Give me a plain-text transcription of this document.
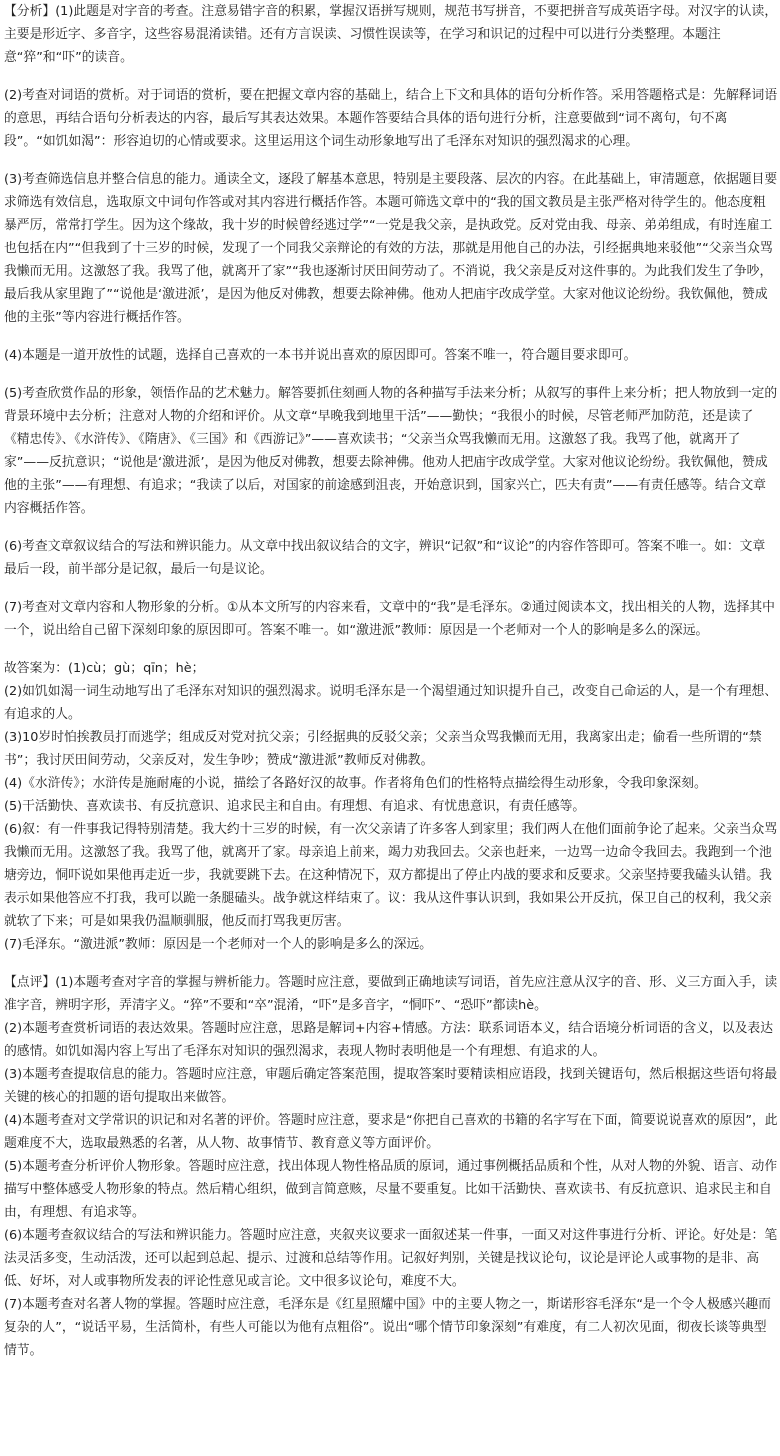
【分析】(1)此题是对字音的考查。注意易错字音的积累，掌握汉语拼写规则，规范书写拼音，不要把拼音写成英语字母。对汉字的认读，主要是形近字、多音字，这些容易混淆读错。还有方言误读、习惯性误读等，在学习和识记的过程中可以进行分类整理。本题注意“猝”和“吓”的读音。

(2)考查对词语的赏析。对于词语的赏析，要在把握文章内容的基础上，结合上下文和具体的语句分析作答。采用答题格式是：先解释词语的意思，再结合语句分析表达的内容，最后写其表达效果。本题作答要结合具体的语句进行分析，注意要做到“词不离句，句不离段”。“如饥如渴”：形容迫切的心情或要求。这里运用这个词生动形象地写出了毛泽东对知识的强烈渴求的心理。

(3)考查筛选信息并整合信息的能力。通读全文，逐段了解基本意思，特别是主要段落、层次的内容。在此基础上，审清题意，依据题目要求筛选有效信息，选取原文中词句作答或对其内容进行概括作答。本题可筛选文章中的“我的国文教员是主张严格对待学生的。他态度粗暴严厉，常常打学生。因为这个缘故，我十岁的时候曾经逃过学”“一党是我父亲，是执政党。反对党由我、母亲、弟弟组成，有时连雇工也包括在内”“但我到了十三岁的时候，发现了一个同我父亲辩论的有效的方法，那就是用他自己的办法，引经据典地来驳他”“父亲当众骂我懒而无用。这激怒了我。我骂了他，就离开了家”“我也逐渐讨厌田间劳动了。不消说，我父亲是反对这件事的。为此我们发生了争吵，最后我从家里跑了”“说他是‘激进派’，是因为他反对佛教，想要去除神佛。他劝人把庙宇改成学堂。大家对他议论纷纷。我钦佩他，赞成他的主张”等内容进行概括作答。

(4)本题是一道开放性的试题，选择自己喜欢的一本书并说出喜欢的原因即可。答案不唯一，符合题目要求即可。

(5)考查欣赏作品的形象，领悟作品的艺术魅力。解答要抓住刻画人物的各种描写手法来分析；从叙写的事件上来分析；把人物放到一定的背景环境中去分析；注意对人物的介绍和评价。从文章“早晚我到地里干活”——勤快；“我很小的时候，尽管老师严加防范，还是读了《精忠传》、《水浒传》、《隋唐》、《三国》和《西游记》”——喜欢读书；“父亲当众骂我懒而无用。这激怒了我。我骂了他，就离开了家”——反抗意识；“说他是‘激进派’，是因为他反对佛教，想要去除神佛。他劝人把庙宇改成学堂。大家对他议论纷纷。我钦佩他，赞成他的主张”——有理想、有追求；“我读了以后，对国家的前途感到沮丧，开始意识到，国家兴亡，匹夫有责”——有责任感等。结合文章内容概括作答。

(6)考查文章叙议结合的写法和辨识能力。从文章中找出叙议结合的文字，辨识“记叙”和“议论”的内容作答即可。答案不唯一。如：文章最后一段，前半部分是记叙，最后一句是议论。

(7)考查对文章内容和人物形象的分析。①从本文所写的内容来看，文章中的“我”是毛泽东。②通过阅读本文，找出相关的人物，选择其中一个，说出给自己留下深刻印象的原因即可。答案不唯一。如“激进派”教师：原因是一个老师对一个人的影响是多么的深远。

故答案为：(1)cù；gù；qīn；hè；

(2)如饥如渴一词生动地写出了毛泽东对知识的强烈渴求。说明毛泽东是一个渴望通过知识提升自己，改变自己命运的人，是一个有理想、有追求的人。

(3)10岁时怕挨教员打而逃学；组成反对党对抗父亲；引经据典的反驳父亲；父亲当众骂我懒而无用，我离家出走；偷看一些所谓的“禁书”；我讨厌田间劳动，父亲反对，发生争吵；赞成“激进派”教师反对佛教。

(4)《水浒传》；水浒传是施耐庵的小说，描绘了各路好汉的故事。作者将角色们的性格特点描绘得生动形象，令我印象深刻。

(5)干活勤快、喜欢读书、有反抗意识、追求民主和自由。有理想、有追求、有忧患意识，有责任感等。

(6)叙：有一件事我记得特别清楚。我大约十三岁的时候，有一次父亲请了许多客人到家里；我们两人在他们面前争论了起来。父亲当众骂我懒而无用。这激怒了我。我骂了他，就离开了家。母亲追上前来，竭力劝我回去。父亲也赶来，一边骂一边命令我回去。我跑到一个池塘旁边，恫吓说如果他再走近一步，我就要跳下去。在这种情况下，双方都提出了停止内战的要求和反要求。父亲坚持要我磕头认错。我表示如果他答应不打我，我可以跪一条腿磕头。战争就这样结束了。议：我从这件事认识到，我如果公开反抗，保卫自己的权利，我父亲就软了下来；可是如果我仍温顺驯服，他反而打骂我更厉害。

(7)毛泽东。“激进派”教师：原因是一个老师对一个人的影响是多么的深远。

【点评】(1)本题考查对字音的掌握与辨析能力。答题时应注意，要做到正确地读写词语，首先应注意从汉字的音、形、义三方面入手，读准字音，辨明字形，弄清字义。“猝”不要和“卒”混淆，“吓”是多音字，“恫吓”、“恐吓”都读hè。

(2)本题考查赏析词语的表达效果。答题时应注意，思路是解词+内容+情感。方法：联系词语本义，结合语境分析词语的含义，以及表达的感情。如饥如渴内容上写出了毛泽东对知识的强烈渴求，表现人物时表明他是一个有理想、有追求的人。

(3)本题考查提取信息的能力。答题时应注意，审题后确定答案范围，提取答案时要精读相应语段，找到关键语句，然后根据这些语句将最关键的核心的扣题的语句提取出来做答。

(4)本题考查对文学常识的识记和对名著的评价。答题时应注意，要求是“你把自己喜欢的书籍的名字写在下面，简要说说喜欢的原因”，此题难度不大，选取最熟悉的名著，从人物、故事情节、教育意义等方面评价。

(5)本题考查分析评价人物形象。答题时应注意，找出体现人物性格品质的原词，通过事例概括品质和个性，从对人物的外貌、语言、动作描写中整体感受人物形象的特点。然后精心组织，做到言简意赅，尽量不要重复。比如干活勤快、喜欢读书、有反抗意识、追求民主和自由，有理想、有追求等。

(6)本题考查叙议结合的写法和辨识能力。答题时应注意，夹叙夹议要求一面叙述某一件事，一面又对这件事进行分析、评论。好处是：笔法灵活多变，生动活泼，还可以起到总起、提示、过渡和总结等作用。记叙好判别，关键是找议论句，议论是评论人或事物的是非、高低、好坏，对人或事物所发表的评论性意见或言论。文中很多议论句，难度不大。

(7)本题考查对名著人物的掌握。答题时应注意，毛泽东是《红星照耀中国》中的主要人物之一，斯诺形容毛泽东“是一个令人极感兴趣而复杂的人”，“说话平易，生活简朴，有些人可能以为他有点粗俗”。说出“哪个情节印象深刻”有难度，有二人初次见面，彻夜长谈等典型情节。
